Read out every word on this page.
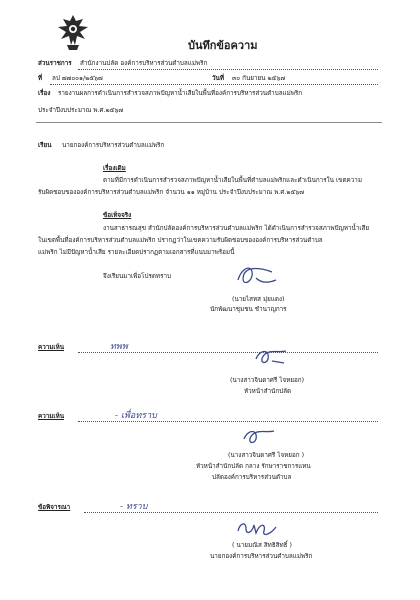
บันทึกข้อความ
ส่วนราชการ สำนักงานปลัด องค์การบริหารส่วนตำบลแม่พริก
ที่ ลป ๗๗๐๐๑/๒๕๖๗	วันที่ ๓๐ กันยายน ๒๕๖๗
เรื่อง รายงานผลการดำเนินการสำรวจสภาพปัญหาน้ำเสียในพื้นที่องค์การบริหารส่วนตำบลแม่พริก
ประจำปีงบประมาณ พ.ศ.๒๕๖๗
เรียน นายกองค์การบริหารส่วนตำบลแม่พริก
เรื่องเดิม
ตามที่มีการดำเนินการสำรวจสภาพปัญหาน้ำเสียในพื้นที่ตำบลแม่พริกและดำเนินการใน เขตความ
รับผิดชอบขององค์การบริหารส่วนตำบลแม่พริก จำนวน ๑๑ หมู่บ้าน ประจำปีงบประมาณ พ.ศ.๒๕๖๗
ข้อเท็จจริง
งานสาธารณสุข สำนักปลัดองค์การบริหารส่วนตำบลแม่พริก ได้ดำเนินการสำรวจสภาพปัญหาน้ำเสีย
ในเขตพื้นที่องค์การบริหารส่วนตำบลแม่พริก ปรากฏว่าในเขตความรับผิดชอบขององค์การบริหารส่วนตำบล
แม่พริก ไม่มีปัญหาน้ำเสีย รายละเอียดปรากฏตามเอกสารที่แนบมาพร้อมนี้
จึงเรียนมาเพื่อโปรดทราบ
(นายไสหส มุ่ยแดง)
นักพัฒนาชุมชน ชำนาญการ
ความเห็น	ทพพ
(นางสาวจินดาศรี ไจหยอก)
หัวหน้าสำนักปลัด
ความเห็น	- เพื่อทราบ
(นางสาวจินดาศรี ไจหยอก )
หัวหน้าสำนักปลัด กลาง รักษาราชการแทน
ปลัดองค์การบริหารส่วนตำบล
ข้อพิจารณา	- ทราบ
( นายมณิส สิทธิสิทธิ์ )
นายกองค์การบริหารส่วนตำบลแม่พริก
